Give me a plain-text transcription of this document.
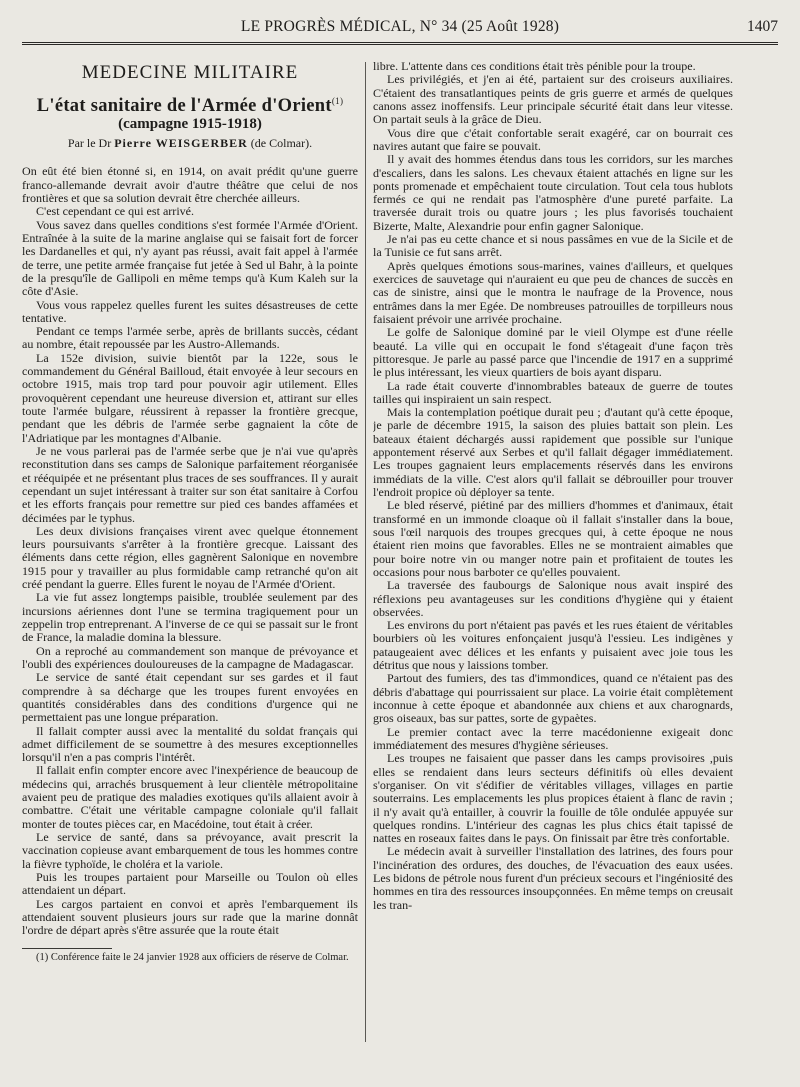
LE PROGRÈS MÉDICAL, N° 34 (25 Août 1928)	1407
MEDECINE MILITAIRE
L'état sanitaire de l'Armée d'Orient$^{(1)}$
(campagne 1915-1918)
Par le Dr Pierre WEISGERBER (de Colmar).

On eût été bien étonné si, en 1914, on avait prédit qu'une guerre franco-allemande devrait avoir d'autre théâtre que celui de nos frontières et que sa solution devrait être cherchée ailleurs.

C'est cependant ce qui est arrivé.

Vous savez dans quelles conditions s'est formée l'Armée d'Orient. Entraînée à la suite de la marine anglaise qui se faisait fort de forcer les Dardanelles et qui, n'y ayant pas réussi, avait fait appel à l'armée de terre, une petite armée française fut jetée à Sed ul Bahr, à la pointe de la presqu'île de Gallipoli en même temps qu'à Kum Kaleh sur la côte d'Asie.

Vous vous rappelez quelles furent les suites désastreuses de cette tentative.

Pendant ce temps l'armée serbe, après de brillants succès, cédant au nombre, était repoussée par les Austro-Allemands.

La 152e division, suivie bientôt par la 122e, sous le commandement du Général Bailloud, était envoyée à leur secours en octobre 1915, mais trop tard pour pouvoir agir utilement. Elles provoquèrent cependant une heureuse diversion et, attirant sur elles toute l'armée bulgare, réussirent à repasser la frontière grecque, pendant que les débris de l'armée serbe gagnaient la côte de l'Adriatique par les montagnes d'Albanie.

Je ne vous parlerai pas de l'armée serbe que je n'ai vue qu'après reconstitution dans ses camps de Salonique parfaitement réorganisée et rééquipée et ne présentant plus traces de ses souffrances. Il y aurait cependant un sujet intéressant à traiter sur son état sanitaire à Corfou et les efforts français pour remettre sur pied ces bandes affamées et décimées par le typhus.

Les deux divisions françaises virent avec quelque étonnement leurs poursuivants s'arrêter à la frontière grecque. Laissant des éléments dans cette région, elles gagnèrent Salonique en novembre 1915 pour y travailler au plus formidable camp retranché qu'on ait créé pendant la guerre. Elles furent le noyau de l'Armée d'Orient.

La vie fut assez longtemps paisible, troublée seulement par des incursions aériennes dont l'une se termina tragiquement pour un zeppelin trop entreprenant. A l'inverse de ce qui se passait sur le front de France, la maladie domina la blessure.

On a reproché au commandement son manque de prévoyance et l'oubli des expériences douloureuses de la campagne de Madagascar.

Le service de santé était cependant sur ses gardes et il faut comprendre à sa décharge que les troupes furent envoyées en quantités considérables dans des conditions d'urgence qui ne permettaient pas une longue préparation.

Il fallait compter aussi avec la mentalité du soldat français qui admet difficilement de se soumettre à des mesures exceptionnelles lorsqu'il n'en a pas compris l'intérêt.

Il fallait enfin compter encore avec l'inexpérience de beaucoup de médecins qui, arrachés brusquement à leur clientèle métropolitaine avaient peu de pratique des maladies exotiques qu'ils allaient avoir à combattre. C'était une véritable campagne coloniale qu'il fallait monter de toutes pièces car, en Macédoine, tout était à créer.

Le service de santé, dans sa prévoyance, avait prescrit la vaccination copieuse avant embarquement de tous les hommes contre la fièvre typhoïde, le choléra et la variole.

Puis les troupes partaient pour Marseille ou Toulon où elles attendaient un départ.

Les cargos partaient en convoi et après l'embarquement ils attendaient souvent plusieurs jours sur rade que la marine donnât l'ordre de départ après s'être assurée que la route était

(1) Conférence faite le 24 janvier 1928 aux officiers de réserve de Colmar.

libre. L'attente dans ces conditions était très pénible pour la troupe.

Les privilégiés, et j'en ai été, partaient sur des croiseurs auxiliaires. C'étaient des transatlantiques peints de gris guerre et armés de quelques canons assez inoffensifs. Leur principale sécurité était dans leur vitesse. On partait seuls à la grâce de Dieu.

Vous dire que c'était confortable serait exagéré, car on bourrait ces navires autant que faire se pouvait.

Il y avait des hommes étendus dans tous les corridors, sur les marches d'escaliers, dans les salons. Les chevaux étaient attachés en ligne sur les ponts promenade et empêchaient toute circulation. Tout cela tous hublots fermés ce qui ne rendait pas l'atmosphère d'une pureté parfaite. La traversée durait trois ou quatre jours ; les plus favorisés touchaient Bizerte, Malte, Alexandrie pour enfin gagner Salonique.

Je n'ai pas eu cette chance et si nous passâmes en vue de la Sicile et de la Tunisie ce fut sans arrêt.

Après quelques émotions sous-marines, vaines d'ailleurs, et quelques exercices de sauvetage qui n'auraient eu que peu de chances de succès en cas de sinistre, ainsi que le montra le naufrage de la Provence, nous entrâmes dans la mer Egée. De nombreuses patrouilles de torpilleurs nous faisaient prévoir une arrivée prochaine.

Le golfe de Salonique dominé par le vieil Olympe est d'une réelle beauté. La ville qui en occupait le fond s'étageait d'une façon très pittoresque. Je parle au passé parce que l'incendie de 1917 en a supprimé le plus intéressant, les vieux quartiers de bois ayant disparu.

La rade était couverte d'innombrables bateaux de guerre de toutes tailles qui inspiraient un sain respect.

Mais la contemplation poétique durait peu ; d'autant qu'à cette époque, je parle de décembre 1915, la saison des pluies battait son plein. Les bateaux étaient déchargés aussi rapidement que possible sur l'unique appontement réservé aux Serbes et qu'il fallait dégager immédiatement. Les troupes gagnaient leurs emplacements réservés dans les environs immédiats de la ville. C'est alors qu'il fallait se débrouiller pour trouver l'endroit propice où déployer sa tente.

Le bled réservé, piétiné par des milliers d'hommes et d'animaux, était transformé en un immonde cloaque où il fallait s'installer dans la boue, sous l'œil narquois des troupes grecques qui, à cette époque ne nous étaient rien moins que favorables. Elles ne se montraient aimables que pour boire notre vin ou manger notre pain et profitaient de toutes les occasions pour nous barboter ce qu'elles pouvaient.

La traversée des faubourgs de Salonique nous avait inspiré des réflexions peu avantageuses sur les conditions d'hygiène qui y étaient observées.

Les environs du port n'étaient pas pavés et les rues étaient de véritables bourbiers où les voitures enfonçaient jusqu'à l'essieu. Les indigènes y pataugeaient avec délices et les enfants y puisaient avec joie tous les détritus que nous y laissions tomber.

Partout des fumiers, des tas d'immondices, quand ce n'étaient pas des débris d'abattage qui pourrissaient sur place. La voirie était complètement inconnue à cette époque et abandonnée aux chiens et aux charognards, gros oiseaux, bas sur pattes, sorte de gypaètes.

Le premier contact avec la terre macédonienne exigeait donc immédiatement des mesures d'hygiène sérieuses.

Les troupes ne faisaient que passer dans les camps provisoires ,puis elles se rendaient dans leurs secteurs définitifs où elles devaient s'organiser. On vit s'édifier de véritables villages, villages en partie souterrains. Les emplacements les plus propices étaient à flanc de ravin ; il n'y avait qu'à entailler, à couvrir la fouille de tôle ondulée appuyée sur quelques rondins. L'intérieur des cagnas les plus chics était tapissé de nattes en roseaux faites dans le pays. On finissait par être très confortable.

Le médecin avait à surveiller l'installation des latrines, des fours pour l'incinération des ordures, des douches, de l'évacuation des eaux usées. Les bidons de pétrole nous furent d'un précieux secours et l'ingéniosité des hommes en tira des ressources insoupçonnées. En même temps on creusait les tran-
